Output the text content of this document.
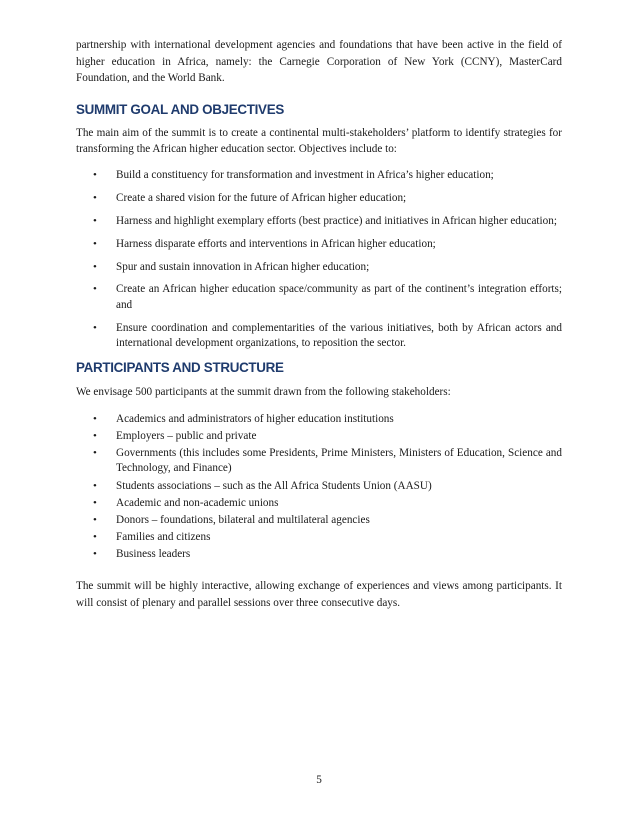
partnership with international development agencies and foundations that have been active in the field of higher education in Africa, namely: the Carnegie Corporation of New York (CCNY), MasterCard Foundation, and the World Bank.

SUMMIT GOAL AND OBJECTIVES

The main aim of the summit is to create a continental multi-stakeholders’ platform to identify strategies for transforming the African higher education sector. Objectives include to:

• Build a constituency for transformation and investment in Africa’s higher education;
• Create a shared vision for the future of African higher education;
• Harness and highlight exemplary efforts (best practice) and initiatives in African higher education;
• Harness disparate efforts and interventions in African higher education;
• Spur and sustain innovation in African higher education;
• Create an African higher education space/community as part of the continent’s integration efforts; and
• Ensure coordination and complementarities of the various initiatives, both by African actors and international development organizations, to reposition the sector.
PARTICIPANTS AND STRUCTURE

We envisage 500 participants at the summit drawn from the following stakeholders:

• Academics and administrators of higher education institutions
• Employers – public and private
• Governments (this includes some Presidents, Prime Ministers, Ministers of Education, Science and Technology, and Finance)
• Students associations – such as the All Africa Students Union (AASU)
• Academic and non-academic unions
• Donors – foundations, bilateral and multilateral agencies
• Families and citizens
• Business leaders

The summit will be highly interactive, allowing exchange of experiences and views among participants. It will consist of plenary and parallel sessions over three consecutive days.

5
